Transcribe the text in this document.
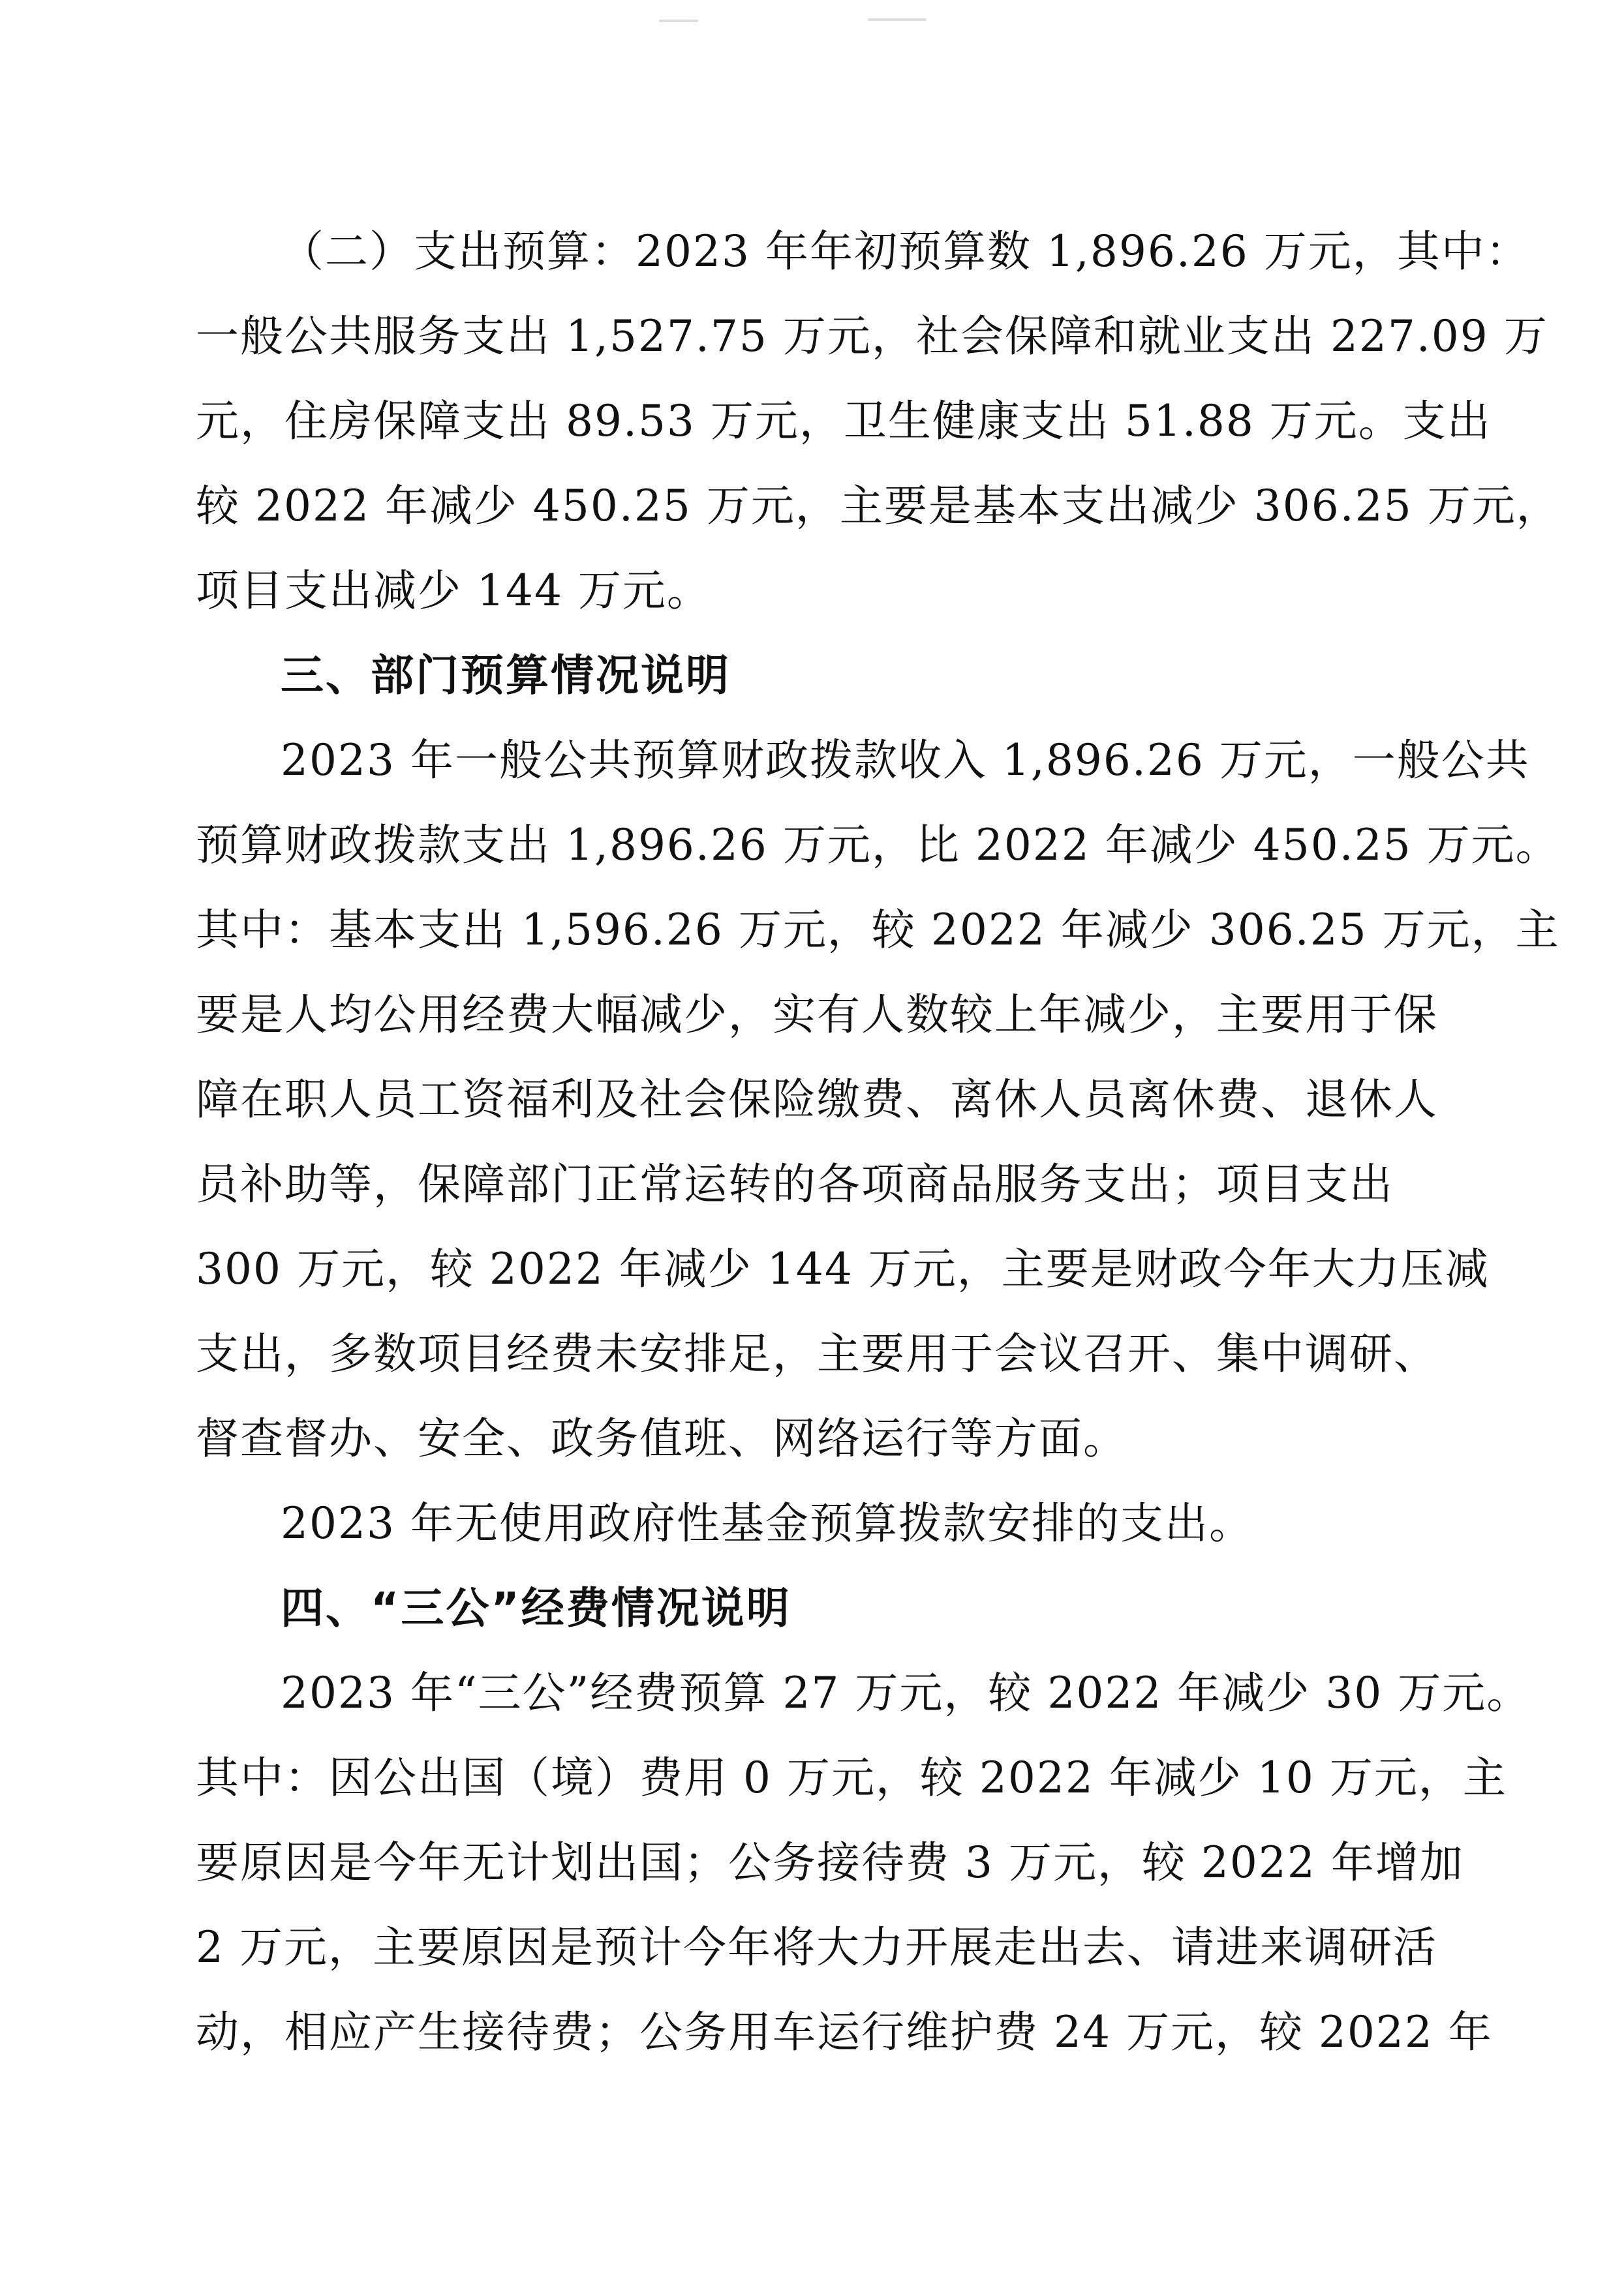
（二）支出预算：2023 年年初预算数 1,896.26 万元，其中：
一般公共服务支出 1,527.75 万元，社会保障和就业支出 227.09 万
元，住房保障支出 89.53 万元，卫生健康支出 51.88 万元。支出
较 2022 年减少 450.25 万元，主要是基本支出减少 306.25 万元，
项目支出减少 144 万元。
三、部门预算情况说明
2023 年一般公共预算财政拨款收入 1,896.26 万元，一般公共
预算财政拨款支出 1,896.26 万元，比 2022 年减少 450.25 万元。
其中：基本支出 1,596.26 万元，较 2022 年减少 306.25 万元，主
要是人均公用经费大幅减少，实有人数较上年减少，主要用于保
障在职人员工资福利及社会保险缴费、离休人员离休费、退休人
员补助等，保障部门正常运转的各项商品服务支出；项目支出
300 万元，较 2022 年减少 144 万元，主要是财政今年大力压减
支出，多数项目经费未安排足，主要用于会议召开、集中调研、
督查督办、安全、政务值班、网络运行等方面。
2023 年无使用政府性基金预算拨款安排的支出。
四、“三公”经费情况说明
2023 年“三公”经费预算 27 万元，较 2022 年减少 30 万元。
其中：因公出国（境）费用 0 万元，较 2022 年减少 10 万元，主
要原因是今年无计划出国；公务接待费 3 万元，较 2022 年增加
2 万元，主要原因是预计今年将大力开展走出去、请进来调研活
动，相应产生接待费；公务用车运行维护费 24 万元，较 2022 年
